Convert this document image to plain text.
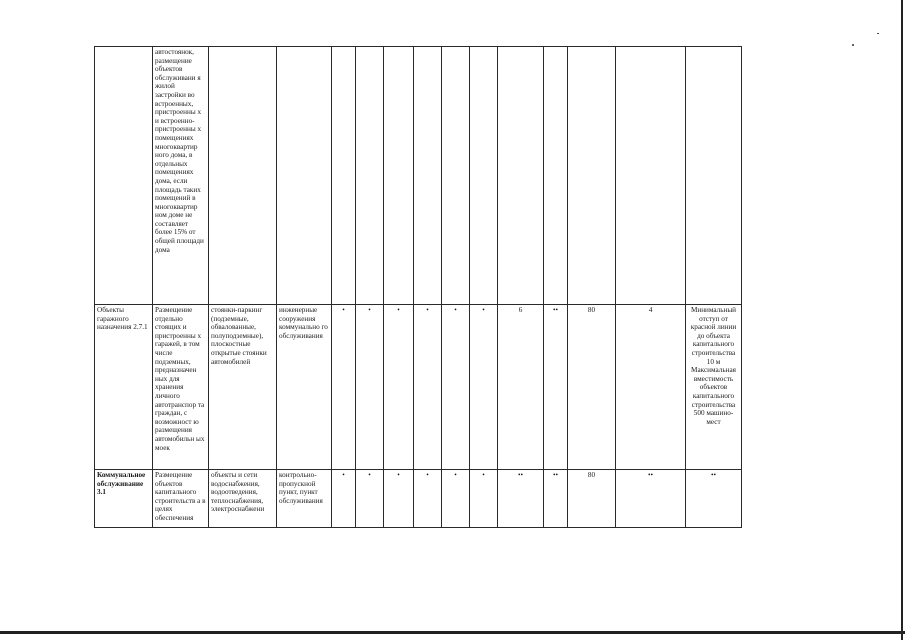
	автостоянок, размещение объектов обслуживани я жилой застройки во встроенных, пристроенны х и встроенно-пристроенны х помещениях многоквартир ного дома, в отдельных помещениях дома, если площадь таких помещений в многоквартир ном доме не составляет более 15% от общей площади дома													
Объекты гаражного назначения 2.7.1	Размещение отдельно стоящих и пристроенны х гаражей, в том числе подземных, предназначен ных для хранения личного автотранспор та граждан, с возможност ю размещения автомобильн ых моек	стоянки-паркинг (подземные, обвалованные, полуподземные), плоскостные открытые стоянки автомобилей	инженерные сооружения коммунально го обслуживания	•	•	•	•	•	•	6	••	80	4	Минимальный отступ от красной линии до объекта капитального строительства 10 м Максимальная вместимость объектов капитального строительства 500 машино-мест
Коммунальное обслуживание 3.1	Размещение объектов капитального строительств а в целях обеспечения	объекты и сети водоснабжения, водоотведения, теплоснабжения, электроснабжени	контрольно-пропускной пункт, пункт обслуживания	•	•	•	•	•	•	••	••	80	••	••
